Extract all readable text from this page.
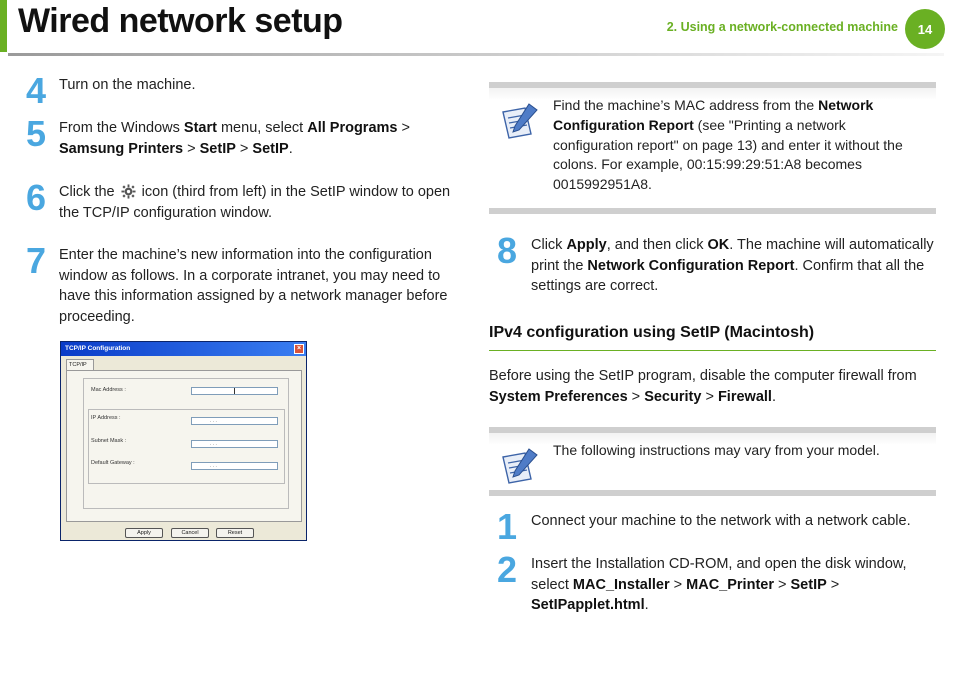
Wired network setup	2. Using a network-connected machine	14
4 Turn on the machine.
5 From the Windows Start menu, select All Programs > Samsung Printers > SetIP > SetIP.
6 Click the  icon (third from left) in the SetIP window to open the TCP/IP configuration window.
7 Enter the machine’s new information into the configuration window as follows. In a corporate intranet, you may need to have this information assigned by a network manager before proceeding.
TCP/IP Configuration	×
TCP/IP
Mac Address :
IP Address :	. . .
Subnet Mask :	. . .
Default Gateway :	. . .
Apply	Cancel	Reset
Find the machine’s MAC address from the Network Configuration Report (see "Printing a network configuration report" on page 13) and enter it without the colons. For example, 00:15:99:29:51:A8 becomes 0015992951A8.
8 Click Apply, and then click OK. The machine will automatically print the Network Configuration Report. Confirm that all the settings are correct.
IPv4 configuration using SetIP (Macintosh)
Before using the SetIP program, disable the computer firewall from System Preferences > Security > Firewall.
The following instructions may vary from your model.
1 Connect your machine to the network with a network cable.
2 Insert the Installation CD-ROM, and open the disk window, select MAC_Installer > MAC_Printer > SetIP > SetIPapplet.html.
